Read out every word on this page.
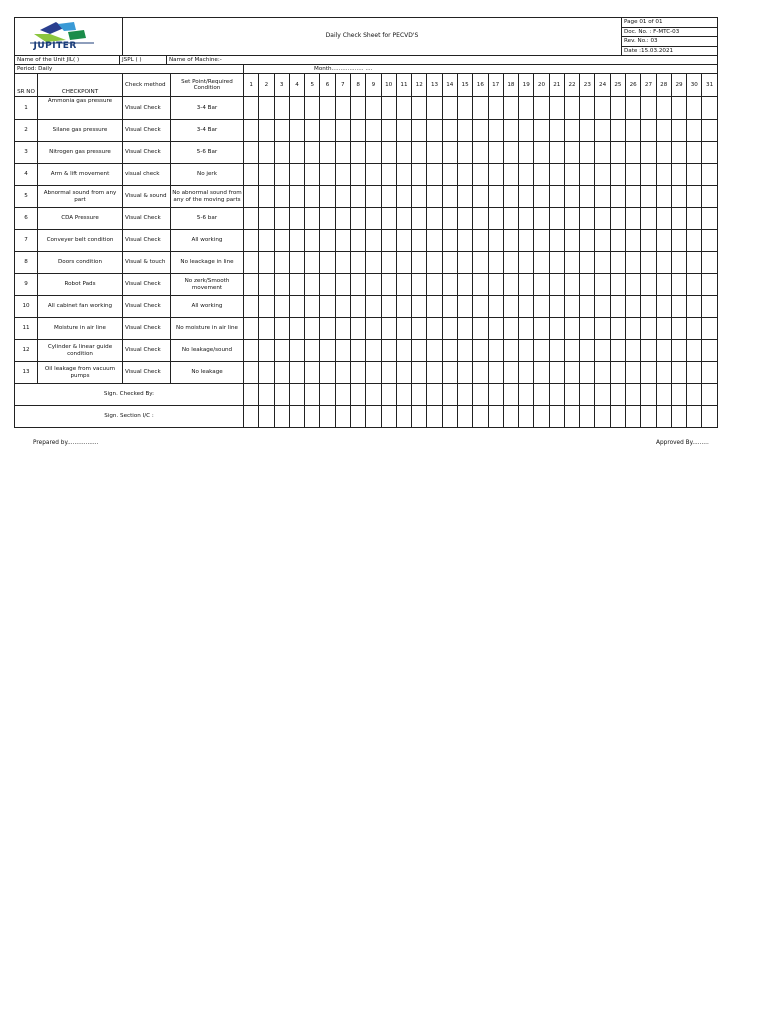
JUPITER
	Daily Check Sheet for PECVD'S	Page 01 of 01
Doc. No. : F-MTC-03
Rev. No.: 03
Date :15.03.2021
Name of the Unit JIL( )	JSPL ( )	Name of Machine:-
Period: Daily	Month.................. ....
SR NO	CHECKPOINT	Check method	Set Point/Required Condition	1	2	3	4	5	6	7	8	9	10	11	12	13	14	15	16	17	18	19	20	21	22	23	24	25	26	27	28	29	30	31
1	Ammonia gas pressure	Visual Check	3-4 Bar																															
2	Silane gas pressure	Visual Check	3-4 Bar																															
3	Nitrogen gas pressure	Visual Check	5-6 Bar																															
4	Arm & lift movement	visual check	No jerk																															
5	Abnormal sound from any part	Visual & sound	No abnormal sound from any of the moving parts																															
6	CDA Pressure	Visual Check	5-6 bar																															
7	Conveyer belt condition	Visual Check	All working																															
8	Doors condition	Visual & touch	No leackage in line																															
9	Robot Pads	Visual Check	No zerk/Smooth movement																															
10	All cabinet fan working	Visual Check	All working																															
11	Moisture in air line	Visual Check	No moisture in air line																															
12	Cylinder & linear guide condition	Visual Check	No leakage/sound																															
13	Oil leakage from vacuum pumps	Visual Check	No leakage																															
Sign. Checked By:																																		
Sign. Section I/C :																																		
Prepared by.................	Approved By.........
